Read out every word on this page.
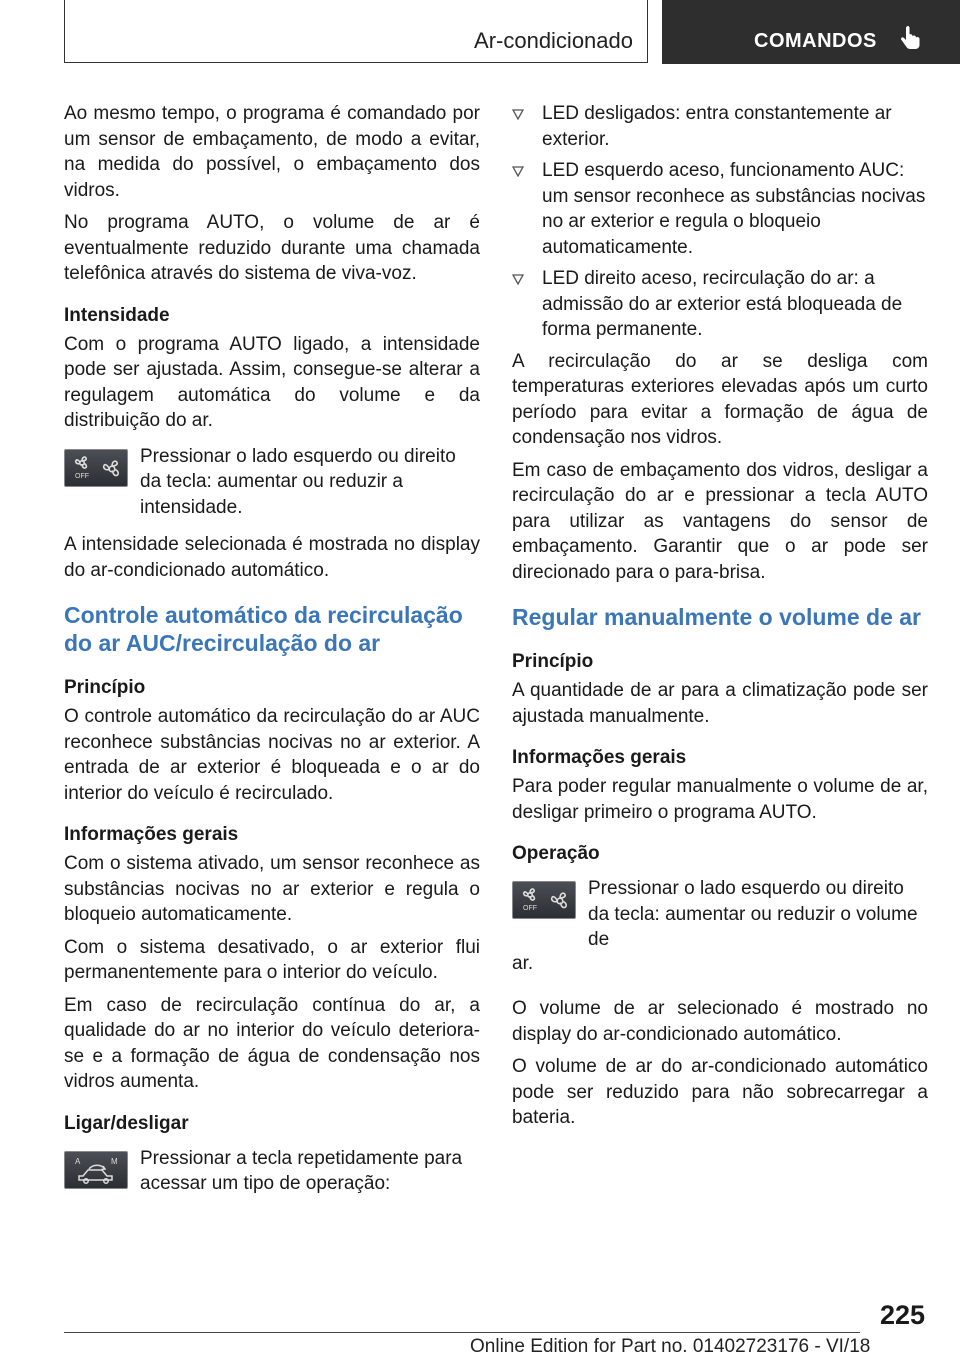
Ar-condicionado	COMANDOS

Ao mesmo tempo, o programa é comandado por um sensor de embaçamento, de modo a evitar, na medida do possível, o embaçamento dos vidros.

No programa AUTO, o volume de ar é eventualmente reduzido durante uma chamada telefônica através do sistema de viva-voz.

Intensidade

Com o programa AUTO ligado, a intensidade pode ser ajustada. Assim, consegue-se alterar a regulagem automática do volume e da distribuição do ar.

OFF
Pressionar o lado esquerdo ou direito da tecla: aumentar ou reduzir a intensidade.

A intensidade selecionada é mostrada no display do ar-condicionado automático.

Controle automático da recirculação do ar AUC/recirculação do ar
Princípio

O controle automático da recirculação do ar AUC reconhece substâncias nocivas no ar exterior. A entrada de ar exterior é bloqueada e o ar do interior do veículo é recirculado.

Informações gerais

Com o sistema ativado, um sensor reconhece as substâncias nocivas no ar exterior e regula o bloqueio automaticamente.

Com o sistema desativado, o ar exterior flui permanentemente para o interior do veículo.

Em caso de recirculação contínua do ar, a qualidade do ar no interior do veículo deteriora-se e a formação de água de condensação nos vidros aumenta.

Ligar/desligar
A	M Pressionar a tecla repetidamente para acessar um tipo de operação:
LED desligados: entra constantemente ar exterior.
LED esquerdo aceso, funcionamento AUC: um sensor reconhece as substâncias nocivas no ar exterior e regula o bloqueio automaticamente.
LED direito aceso, recirculação do ar: a admissão do ar exterior está bloqueada de forma permanente.

A recirculação do ar se desliga com temperaturas exteriores elevadas após um curto período para evitar a formação de água de condensação nos vidros.

Em caso de embaçamento dos vidros, desligar a recirculação do ar e pressionar a tecla AUTO para utilizar as vantagens do sensor de embaçamento. Garantir que o ar pode ser direcionado para o para-brisa.

Regular manualmente o volume de ar
Princípio

A quantidade de ar para a climatização pode ser ajustada manualmente.

Informações gerais

Para poder regular manualmente o volume de ar, desligar primeiro o programa AUTO.

Operação
OFF
Pressionar o lado esquerdo ou direito da tecla: aumentar ou reduzir o volume de

ar.

O volume de ar selecionado é mostrado no display do ar-condicionado automático.

O volume de ar do ar-condicionado automático pode ser reduzido para não sobrecarregar a bateria.

225
Online Edition for Part no. 01402723176 - VI/18
